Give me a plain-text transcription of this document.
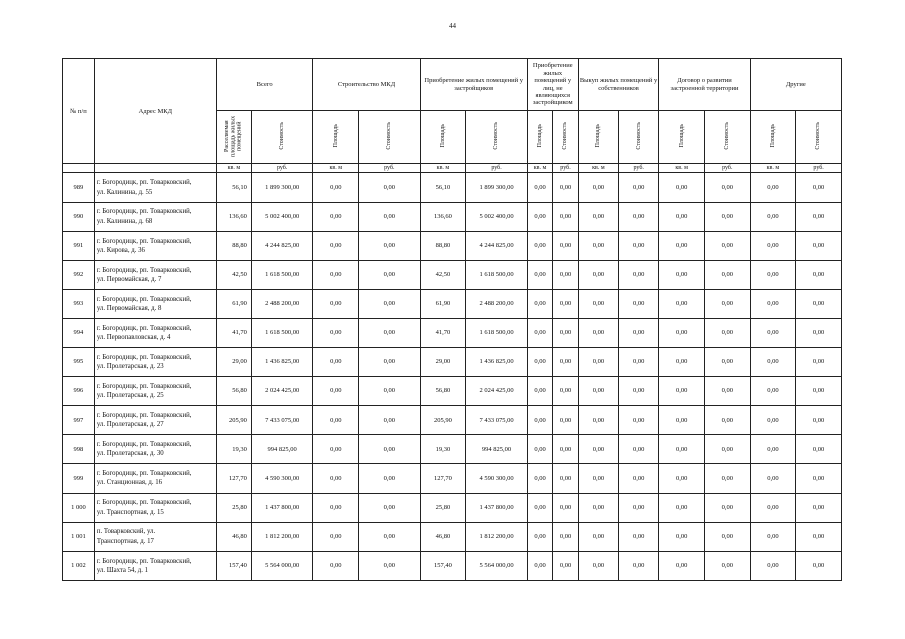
44
№ п/п	Адрес МКД	Всего		Строительство МКД		Приобретение жилых помещений у застройщиков		Приобретение жилых помещений у лиц, не являющихся застройщиком		Выкуп жилых помещений у собственников		Договор о развитии застроенной территории		Другие	
		Расселяемая площадь жилых помещений	Стоимость	Площадь	Стоимость	Площадь	Стоимость	Площадь	Стоимость	Площадь	Стоимость	Площадь	Стоимость	Площадь	Стоимость
		кв. м	руб.	кв. м	руб.	кв. м	руб.	кв. м	руб.	кв. м	руб.	кв. м	руб.	кв. м	руб.
989	г. Богородицк, рп. Товарковский,
ул. Калинина, д. 55	56,10	1 899 300,00	0,00	0,00	56,10	1 899 300,00	0,00	0,00	0,00	0,00	0,00	0,00	0,00	0,00
990	г. Богородицк, рп. Товарковский,
ул. Калинина, д. 68	136,60	5 002 400,00	0,00	0,00	136,60	5 002 400,00	0,00	0,00	0,00	0,00	0,00	0,00	0,00	0,00
991	г. Богородицк, рп. Товарковский,
ул. Кирова, д. 36	88,80	4 244 825,00	0,00	0,00	88,80	4 244 825,00	0,00	0,00	0,00	0,00	0,00	0,00	0,00	0,00
992	г. Богородицк, рп. Товарковский,
ул. Первомайская, д. 7	42,50	1 618 500,00	0,00	0,00	42,50	1 618 500,00	0,00	0,00	0,00	0,00	0,00	0,00	0,00	0,00
993	г. Богородицк, рп. Товарковский,
ул. Первомайская, д. 8	61,90	2 488 200,00	0,00	0,00	61,90	2 488 200,00	0,00	0,00	0,00	0,00	0,00	0,00	0,00	0,00
994	г. Богородицк, рп. Товарковский,
ул. Первопавловская, д. 4	41,70	1 618 500,00	0,00	0,00	41,70	1 618 500,00	0,00	0,00	0,00	0,00	0,00	0,00	0,00	0,00
995	г. Богородицк, рп. Товарковский,
ул. Пролетарская, д. 23	29,00	1 436 825,00	0,00	0,00	29,00	1 436 825,00	0,00	0,00	0,00	0,00	0,00	0,00	0,00	0,00
996	г. Богородицк, рп. Товарковский,
ул. Пролетарская, д. 25	56,80	2 024 425,00	0,00	0,00	56,80	2 024 425,00	0,00	0,00	0,00	0,00	0,00	0,00	0,00	0,00
997	г. Богородицк, рп. Товарковский,
ул. Пролетарская, д. 27	205,90	7 433 075,00	0,00	0,00	205,90	7 433 075,00	0,00	0,00	0,00	0,00	0,00	0,00	0,00	0,00
998	г. Богородицк, рп. Товарковский,
ул. Пролетарская, д. 30	19,30	994 825,00	0,00	0,00	19,30	994 825,00	0,00	0,00	0,00	0,00	0,00	0,00	0,00	0,00
999	г. Богородицк, рп. Товарковский,
ул. Станционная, д. 16	127,70	4 590 300,00	0,00	0,00	127,70	4 590 300,00	0,00	0,00	0,00	0,00	0,00	0,00	0,00	0,00
1 000	г. Богородицк, рп. Товарковский,
ул. Транспортная, д. 15	25,80	1 437 800,00	0,00	0,00	25,80	1 437 800,00	0,00	0,00	0,00	0,00	0,00	0,00	0,00	0,00
1 001	п. Товарковский, ул.
Транспортная, д. 17	46,80	1 812 200,00	0,00	0,00	46,80	1 812 200,00	0,00	0,00	0,00	0,00	0,00	0,00	0,00	0,00
1 002	г. Богородицк, рп. Товарковский,
ул. Шахта 54, д. 1	157,40	5 564 000,00	0,00	0,00	157,40	5 564 000,00	0,00	0,00	0,00	0,00	0,00	0,00	0,00	0,00
